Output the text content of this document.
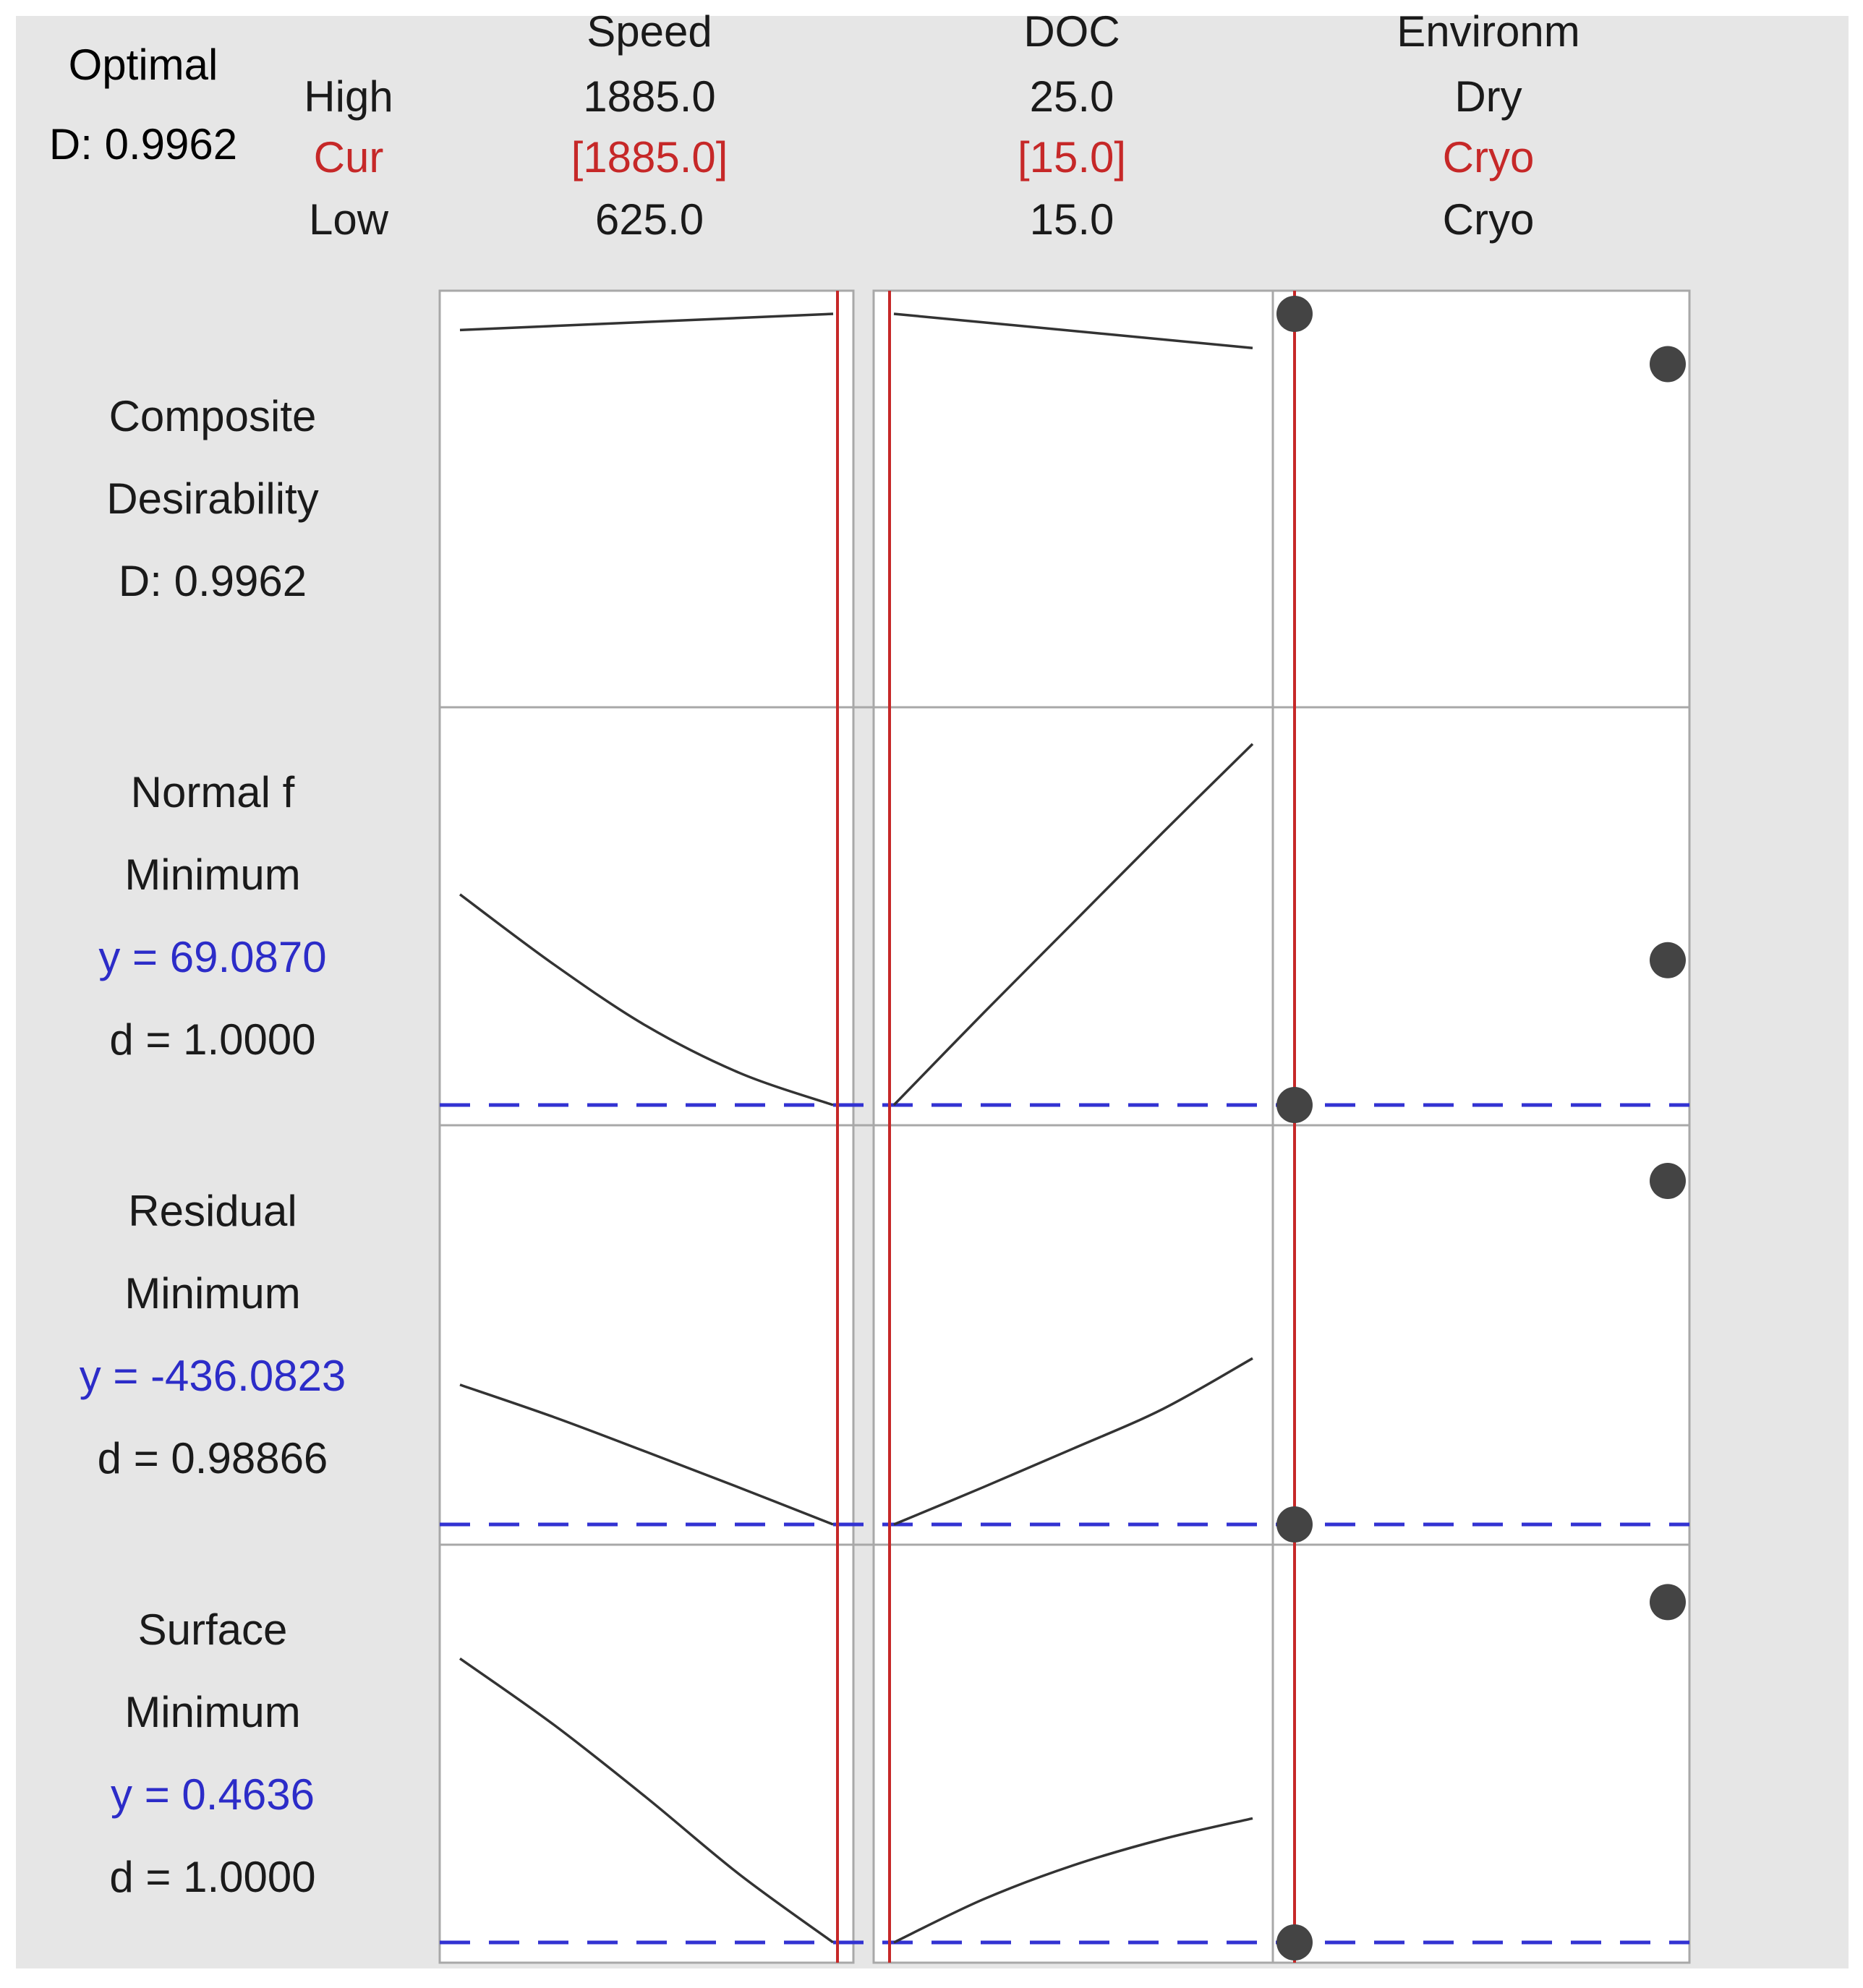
Optimal
D: 0.9962
High
Cur
Low
Speed
1885.0
[1885.0]
625.0
DOC
25.0
[15.0]
15.0
Environm
Dry
Cryo
Cryo
Composite
Desirability
D: 0.9962
Normal f
Minimum
y = 69.0870
d = 1.0000
Residual
Minimum
y = -436.0823
d = 0.98866
Surface
Minimum
y = 0.4636
d = 1.0000
